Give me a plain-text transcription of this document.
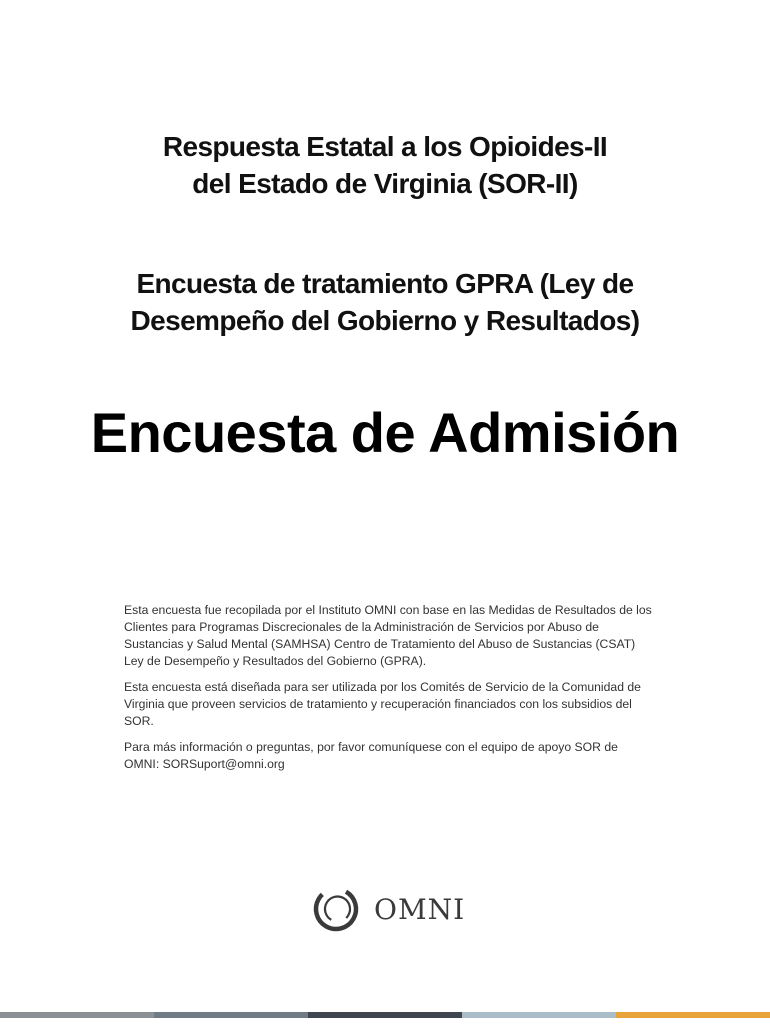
Respuesta Estatal a los Opioides-II
del Estado de Virginia (SOR-II)
Encuesta de tratamiento GPRA (Ley de
Desempeño del Gobierno y Resultados)
Encuesta de Admisión

Esta encuesta fue recopilada por el Instituto OMNI con base en las Medidas de Resultados de los Clientes para Programas Discrecionales de la Administración de Servicios por Abuso de Sustancias y Salud Mental (SAMHSA) Centro de Tratamiento del Abuso de Sustancias (CSAT) Ley de Desempeño y Resultados del Gobierno (GPRA).

Esta encuesta está diseñada para ser utilizada por los Comités de Servicio de la Comunidad de Virginia que proveen servicios de tratamiento y recuperación financiados con los subsidios del SOR.

Para más información o preguntas, por favor comuníquese con el equipo de apoyo SOR de OMNI: SORSuport@omni.org

OMNI
